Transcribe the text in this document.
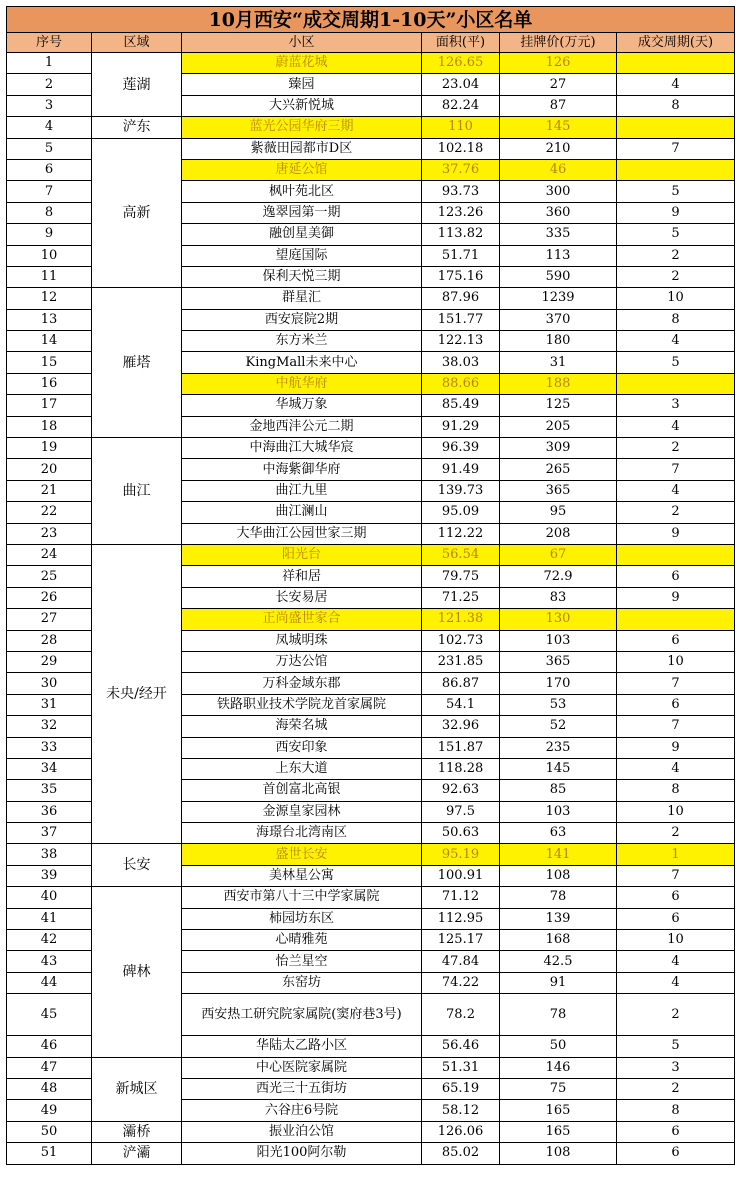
10月西安“成交周期1-10天”小区名单					
序号	区域	小区	面积(平)	挂牌价(万元)	成交周期(天)
1	莲湖	蔚蓝花城	126.65	126	
2		臻园	23.04	27	4
3		大兴新悦城	82.24	87	8
4	浐东	蓝光公园华府三期	110	145	
5	高新	紫薇田园都市D区	102.18	210	7
6		唐延公馆	37.76	46	
7		枫叶苑北区	93.73	300	5
8		逸翠园第一期	123.26	360	9
9		融创星美御	113.82	335	5
10		望庭国际	51.71	113	2
11		保利天悦三期	175.16	590	2
12	雁塔	群星汇	87.96	1239	10
13		西安宸院2期	151.77	370	8
14		东方米兰	122.13	180	4
15		KingMall未来中心	38.03	31	5
16		中航华府	88.66	188	
17		华城万象	85.49	125	3
18		金地西沣公元二期	91.29	205	4
19	曲江	中海曲江大城华宸	96.39	309	2
20		中海紫御华府	91.49	265	7
21		曲江九里	139.73	365	4
22		曲江澜山	95.09	95	2
23		大华曲江公园世家三期	112.22	208	9
24	未央/经开	阳光台	56.54	67	
25		祥和居	79.75	72.9	6
26		长安易居	71.25	83	9
27		正尚盛世家合	121.38	130	
28		凤城明珠	102.73	103	6
29		万达公馆	231.85	365	10
30		万科金域东郡	86.87	170	7
31		铁路职业技术学院龙首家属院	54.1	53	6
32		海荣名城	32.96	52	7
33		西安印象	151.87	235	9
34		上东大道	118.28	145	4
35		首创富北高银	92.63	85	8
36		金源皇家园林	97.5	103	10
37		海璟台北湾南区	50.63	63	2
38	长安	盛世长安	95.19	141	1
39		美林星公寓	100.91	108	7
40	碑林	西安市第八十三中学家属院	71.12	78	6
41		柿园坊东区	112.95	139	6
42		心晴雅苑	125.17	168	10
43		怡兰星空	47.84	42.5	4
44		东窑坊	74.22	91	4
45		西安热工研究院家属院(窦府巷3号)	78.2	78	2
46		华陆太乙路小区	56.46	50	5
47	新城区	中心医院家属院	51.31	146	3
48		西光三十五街坊	65.19	75	2
49		六谷庄6号院	58.12	165	8
50	灞桥	振业泊公馆	126.06	165	6
51	浐灞	阳光100阿尔勒	85.02	108	6
